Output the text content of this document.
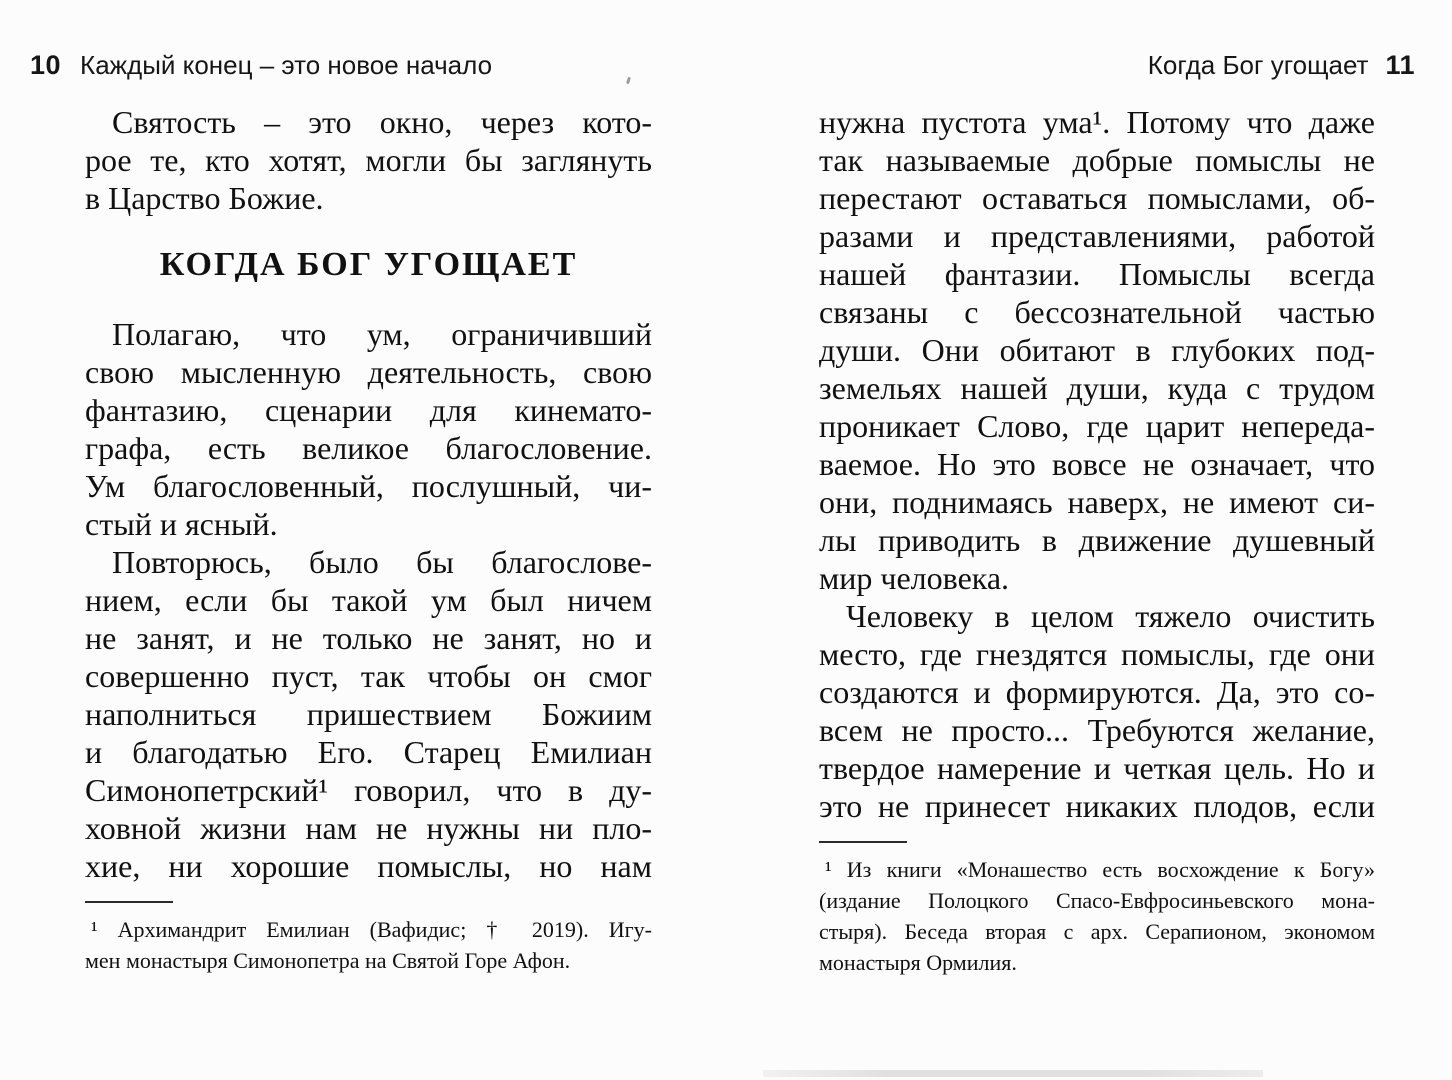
10 Каждый конец – это новое начало
Святость – это окно, через кото-
рое те, кто хотят, могли бы заглянуть
в Царство Божие.
КОГДА БОГ УГОЩАЕТ
Полагаю, что ум, ограничивший
свою мысленную деятельность, свою
фантазию, сценарии для кинемато-
графа, есть великое благословение.
Ум благословенный, послушный, чи-
стый и ясный.
Повторюсь, было бы благослове-
нием, если бы такой ум был ничем
не занят, и не только не занят, но и
совершенно пуст, так чтобы он смог
наполниться пришествием Божиим
и благодатью Его. Старец Емилиан
Симонопетрский¹ говорил, что в ду-
ховной жизни нам не нужны ни пло-
хие, ни хорошие помыслы, но нам
¹ Архимандрит Емилиан (Вафидис; † 2019). Игу-
мен монастыря Симонопетра на Святой Горе Афон.
Когда Бог угощает 11
нужна пустота ума¹. Потому что даже
так называемые добрые помыслы не
перестают оставаться помыслами, об-
разами и представлениями, работой
нашей фантазии. Помыслы всегда
связаны с бессознательной частью
души. Они обитают в глубоких под-
земельях нашей души, куда с трудом
проникает Слово, где царит непереда-
ваемое. Но это вовсе не означает, что
они, поднимаясь наверх, не имеют си-
лы приводить в движение душевный
мир человека.
Человеку в целом тяжело очистить
место, где гнездятся помыслы, где они
создаются и формируются. Да, это со-
всем не просто... Требуются желание,
твердое намерение и четкая цель. Но и
это не принесет никаких плодов, если
¹ Из книги «Монашество есть восхождение к Богу»
(издание Полоцкого Спасо-Евфросиньевского мона-
стыря). Беседа вторая с арх. Серапионом, экономом
монастыря Ормилия.
